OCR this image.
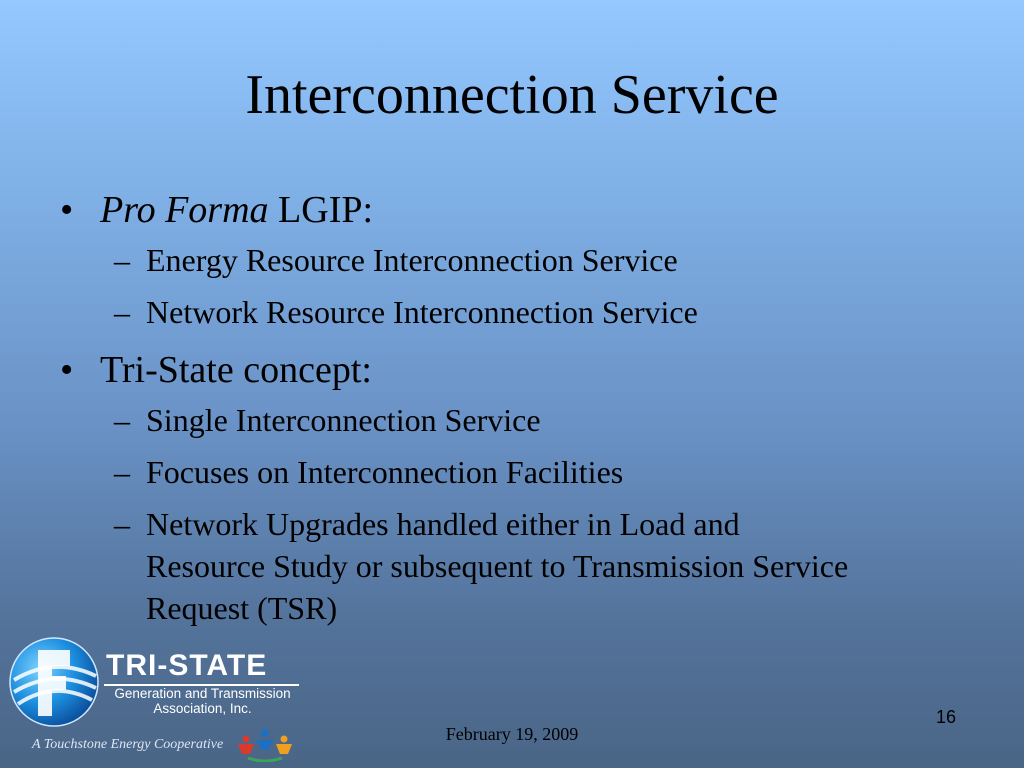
Interconnection Service
• Pro Forma LGIP:
– Energy Resource Interconnection Service
– Network Resource Interconnection Service
• Tri-State concept:
– Single Interconnection Service
– Focuses on Interconnection Facilities
– Network Upgrades handled either in Load and Resource Study or subsequent to Transmission Service Request (TSR)
TRI-STATE
Generation and Transmission
Association, Inc.
A Touchstone Energy Cooperative
February 19, 2009
16
